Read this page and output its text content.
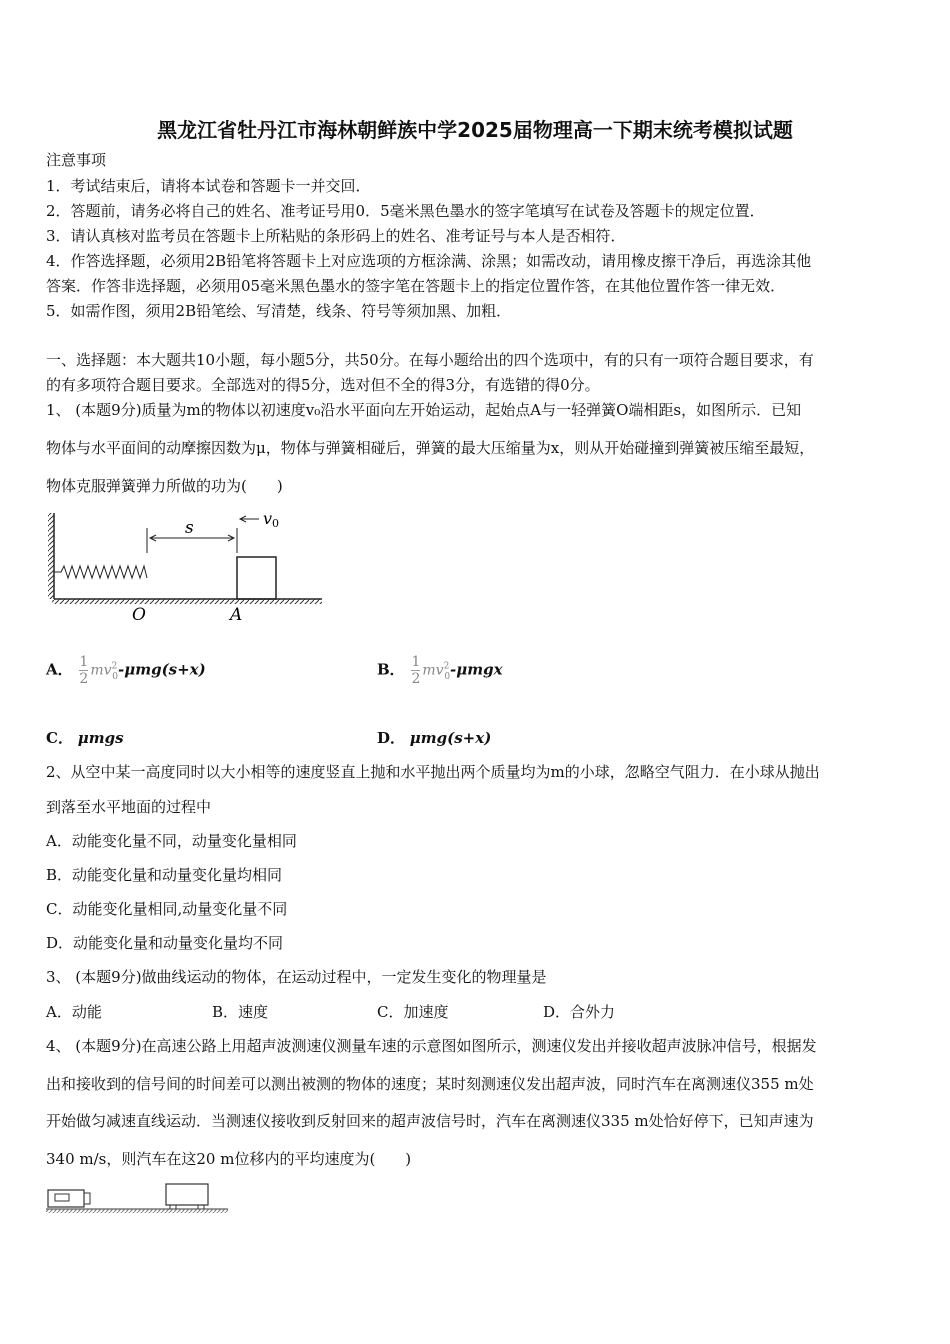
黑龙江省牡丹江市海林朝鲜族中学2025届物理高一下期末统考模拟试题
注意事项
1．考试结束后，请将本试卷和答题卡一并交回．
2．答题前，请务必将自己的姓名、准考证号用0．5毫米黑色墨水的签字笔填写在试卷及答题卡的规定位置．
3．请认真核对监考员在答题卡上所粘贴的条形码上的姓名、准考证号与本人是否相符．
4．作答选择题，必须用2B铅笔将答题卡上对应选项的方框涂满、涂黑；如需改动，请用橡皮擦干净后，再选涂其他
答案．作答非选择题，必须用05毫米黑色墨水的签字笔在答题卡上的指定位置作答，在其他位置作答一律无效．
5．如需作图，须用2B铅笔绘、写清楚，线条、符号等须加黑、加粗．
一、选择题：本大题共10小题，每小题5分，共50分。在每小题给出的四个选项中，有的只有一项符合题目要求，有
的有多项符合题目要求。全部选对的得5分，选对但不全的得3分，有选错的得0分。
1、 (本题9分)质量为m的物体以初速度v₀沿水平面向左开始运动，起始点A与一轻弹簧O端相距s，如图所示．已知
物体与水平面间的动摩擦因数为μ，物体与弹簧相碰后，弹簧的最大压缩量为x，则从开始碰撞到弹簧被压缩至最短，
物体克服弹簧弹力所做的功为(　　)
s	v0
O	A
A． $\frac{1}{2} mv^2_0-\mu mg(s+x)$	B． $\frac{1}{2} mv^2_0-\mu mgx$
C． μmgs	D． μmg(s+x)
2、从空中某一高度同时以大小相等的速度竖直上抛和水平抛出两个质量均为m的小球，忽略空气阻力．在小球从抛出
到落至水平地面的过程中
A．动能变化量不同，动量变化量相同
B．动能变化量和动量变化量均相同
C．动能变化量相同,动量变化量不同
D．动能变化量和动量变化量均不同
3、 (本题9分)做曲线运动的物体，在运动过程中，一定发生变化的物理量是
A．动能	B．速度	C．加速度	D．合外力
4、 (本题9分)在高速公路上用超声波测速仪测量车速的示意图如图所示，测速仪发出并接收超声波脉冲信号，根据发
出和接收到的信号间的时间差可以测出被测的物体的速度；某时刻测速仪发出超声波，同时汽车在离测速仪355 m处
开始做匀减速直线运动．当测速仪接收到反射回来的超声波信号时，汽车在离测速仪335 m处恰好停下，已知声速为
340 m/s，则汽车在这20 m位移内的平均速度为(　　)
